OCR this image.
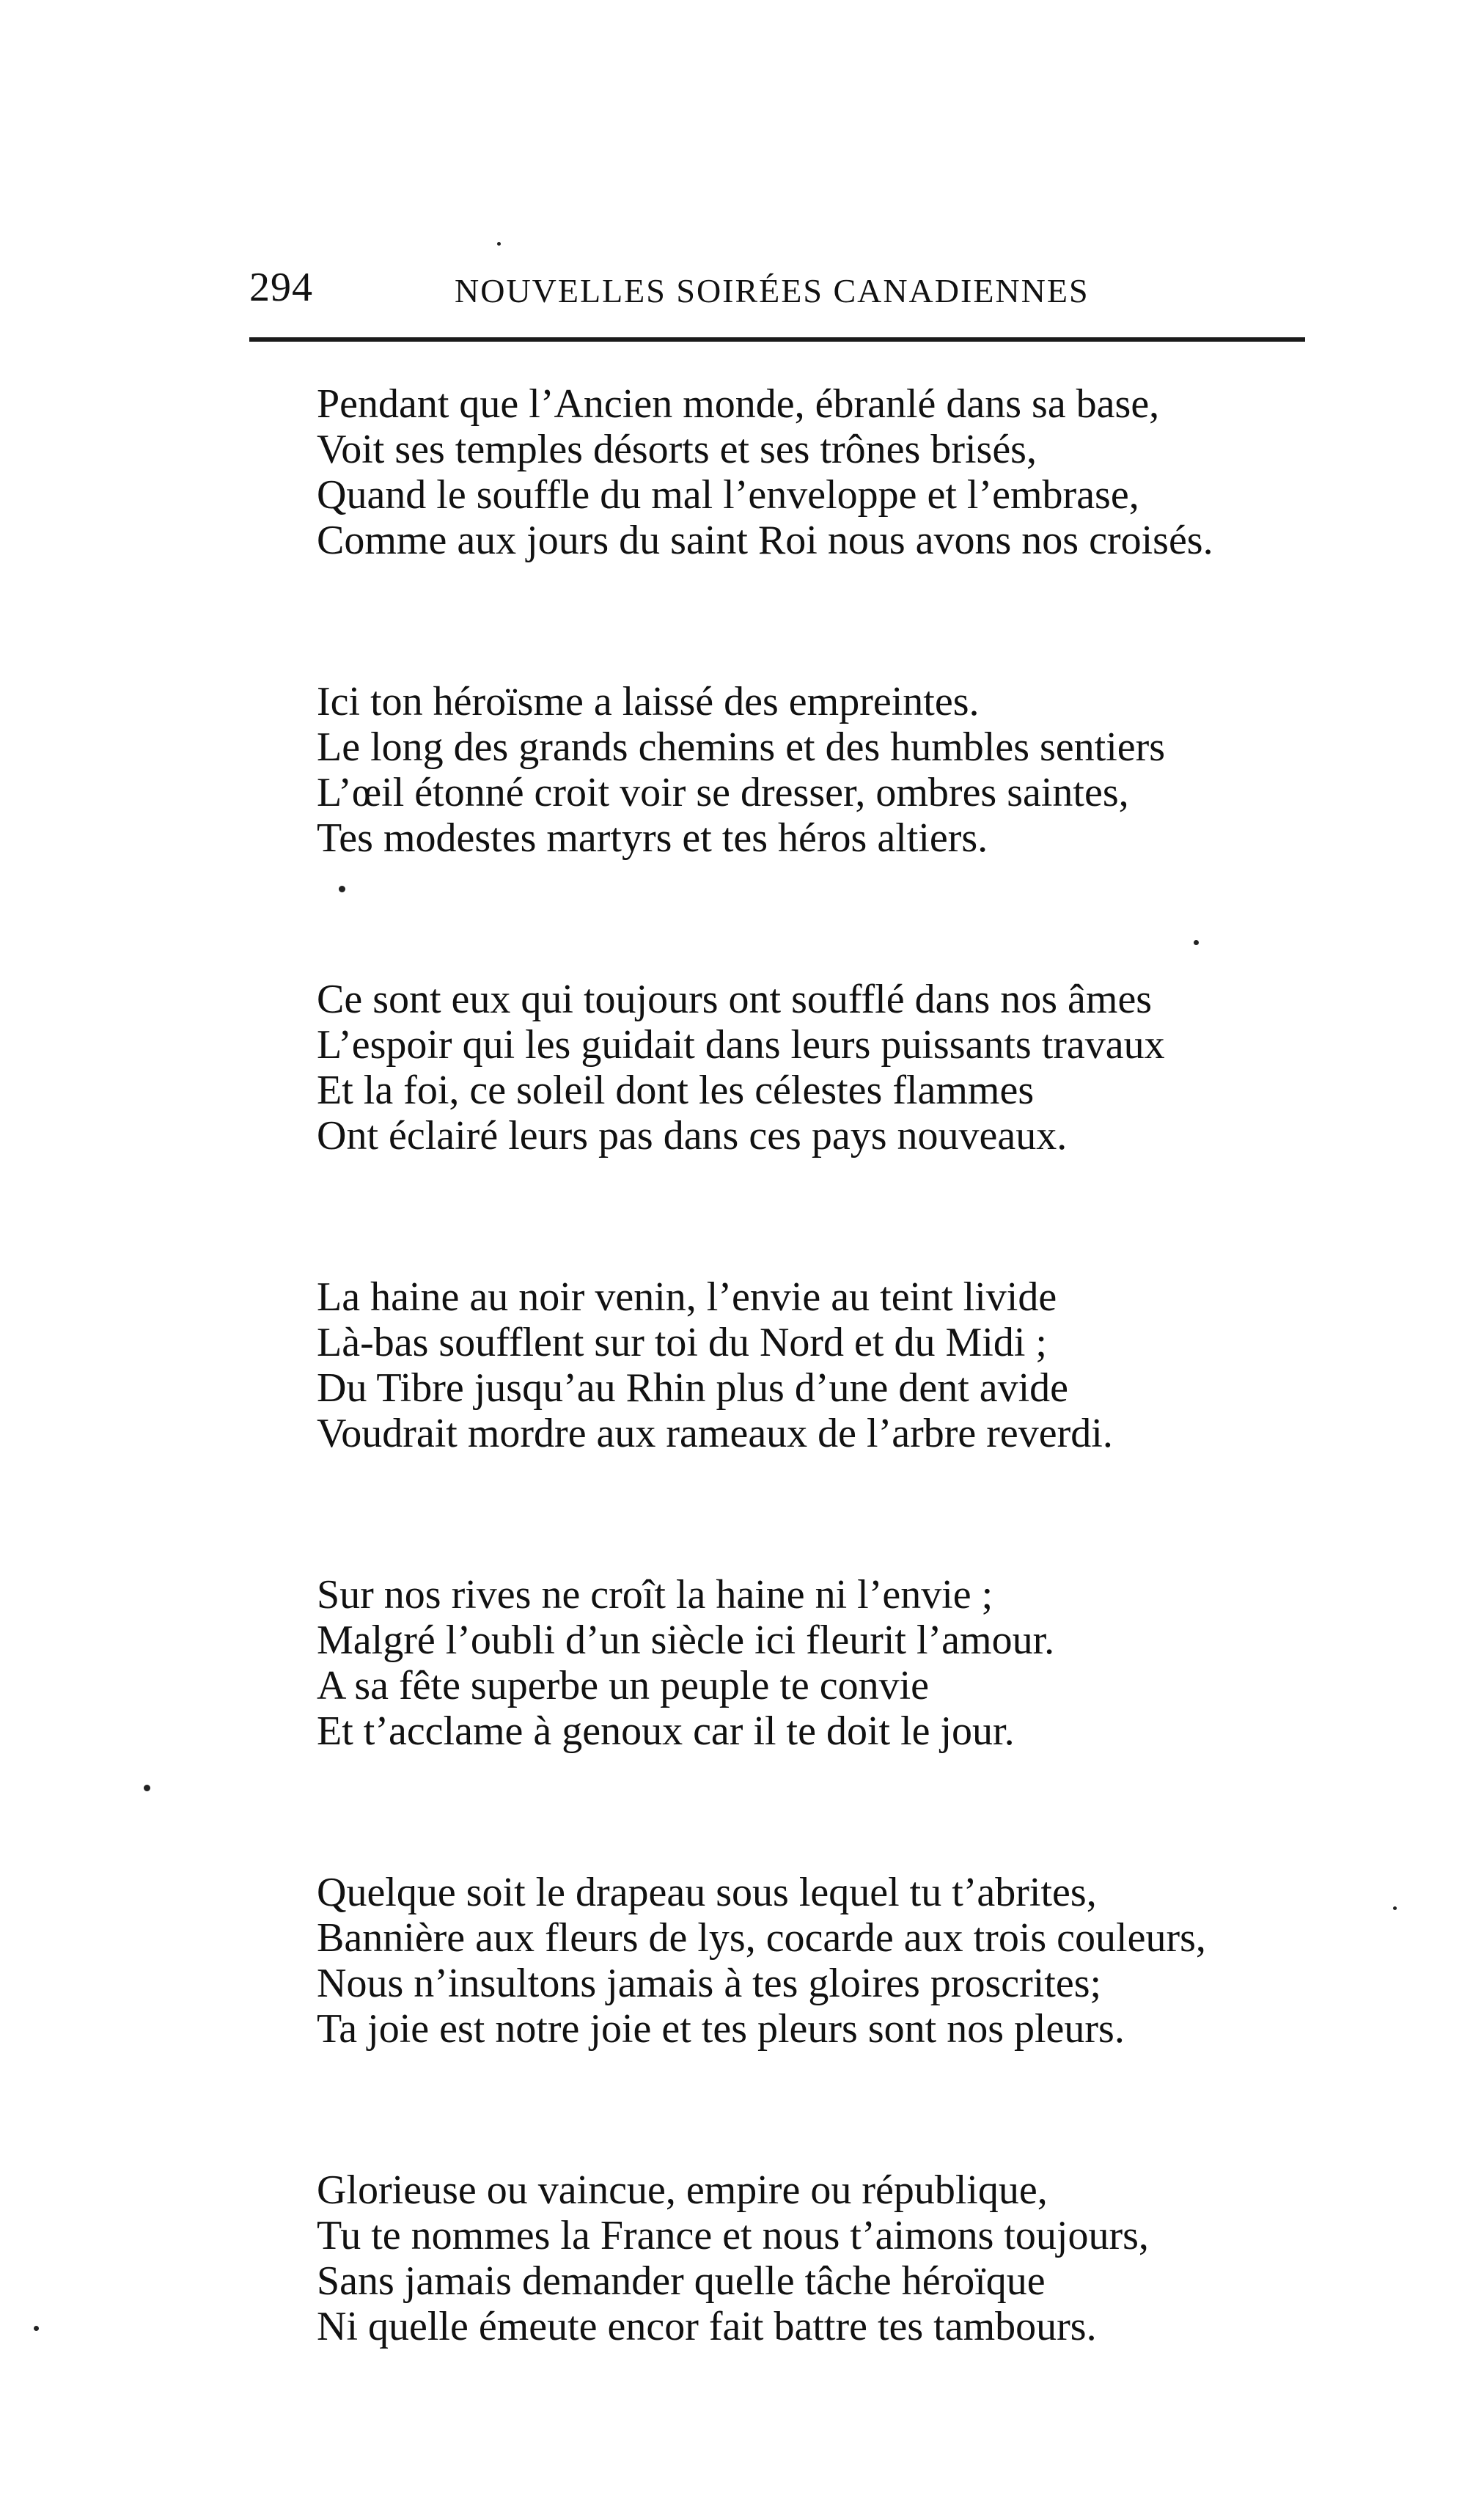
294	NOUVELLES SOIRÉES CANADIENNES
Pendant que l’Ancien monde, ébranlé dans sa base,
Voit ses temples désorts et ses trônes brisés,
Quand le souffle du mal l’enveloppe et l’embrase,
Comme aux jours du saint Roi nous avons nos croisés.
Ici ton héroïsme a laissé des empreintes.
Le long des grands chemins et des humbles sentiers
L’œil étonné croit voir se dresser, ombres saintes,
Tes modestes martyrs et tes héros altiers.
Ce sont eux qui toujours ont soufflé dans nos âmes
L’espoir qui les guidait dans leurs puissants travaux
Et la foi, ce soleil dont les célestes flammes
Ont éclairé leurs pas dans ces pays nouveaux.
La haine au noir venin, l’envie au teint livide
Là-bas soufflent sur toi du Nord et du Midi ;
Du Tibre jusqu’au Rhin plus d’une dent avide
Voudrait mordre aux rameaux de l’arbre reverdi.
Sur nos rives ne croît la haine ni l’envie ;
Malgré l’oubli d’un siècle ici fleurit l’amour.
A sa fête superbe un peuple te convie
Et t’acclame à genoux car il te doit le jour.
Quelque soit le drapeau sous lequel tu t’abrites,
Bannière aux fleurs de lys, cocarde aux trois couleurs,
Nous n’insultons jamais à tes gloires proscrites;
Ta joie est notre joie et tes pleurs sont nos pleurs.
Glorieuse ou vaincue, empire ou république,
Tu te nommes la France et nous t’aimons toujours,
Sans jamais demander quelle tâche héroïque
Ni quelle émeute encor fait battre tes tambours.
